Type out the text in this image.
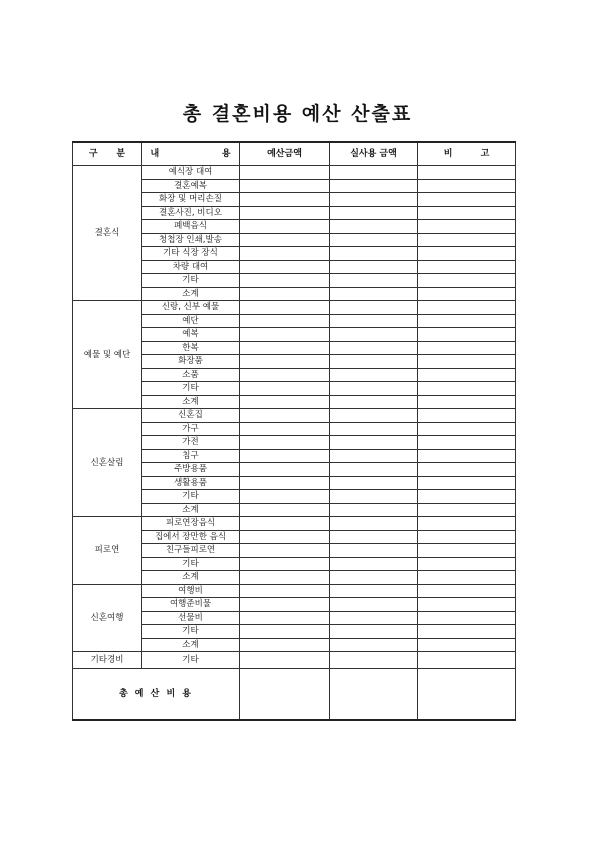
총 결혼비용 예산 산출표
구      분	내                    용	예산금액	실사용 금액	비         고
결혼식	예식장 대여			
	결혼예복			
	화장 및 머리손질			
	결혼사진, 비디오			
	폐백음식			
	청첩장 인쇄,발송			
	기타 식장 장식			
	차량 대여			
	기타			
	소계			
예물 및 예단	신랑, 신부 예물			
	예단			
	예복			
	한복			
	화장품			
	소품			
	기타			
	소계			
신혼살림	신혼집			
	가구			
	가전			
	침구			
	주방용품			
	생활용품			
	기타			
	소계			
피로연	피로연장음식			
	집에서 장만한 음식			
	친구들피로연			
	기타			
	소계			
신혼여행	여행비			
	여행준비물			
	선물비			
	기타			
	소계			
기타경비	기타			
총 예 산 비 용				
